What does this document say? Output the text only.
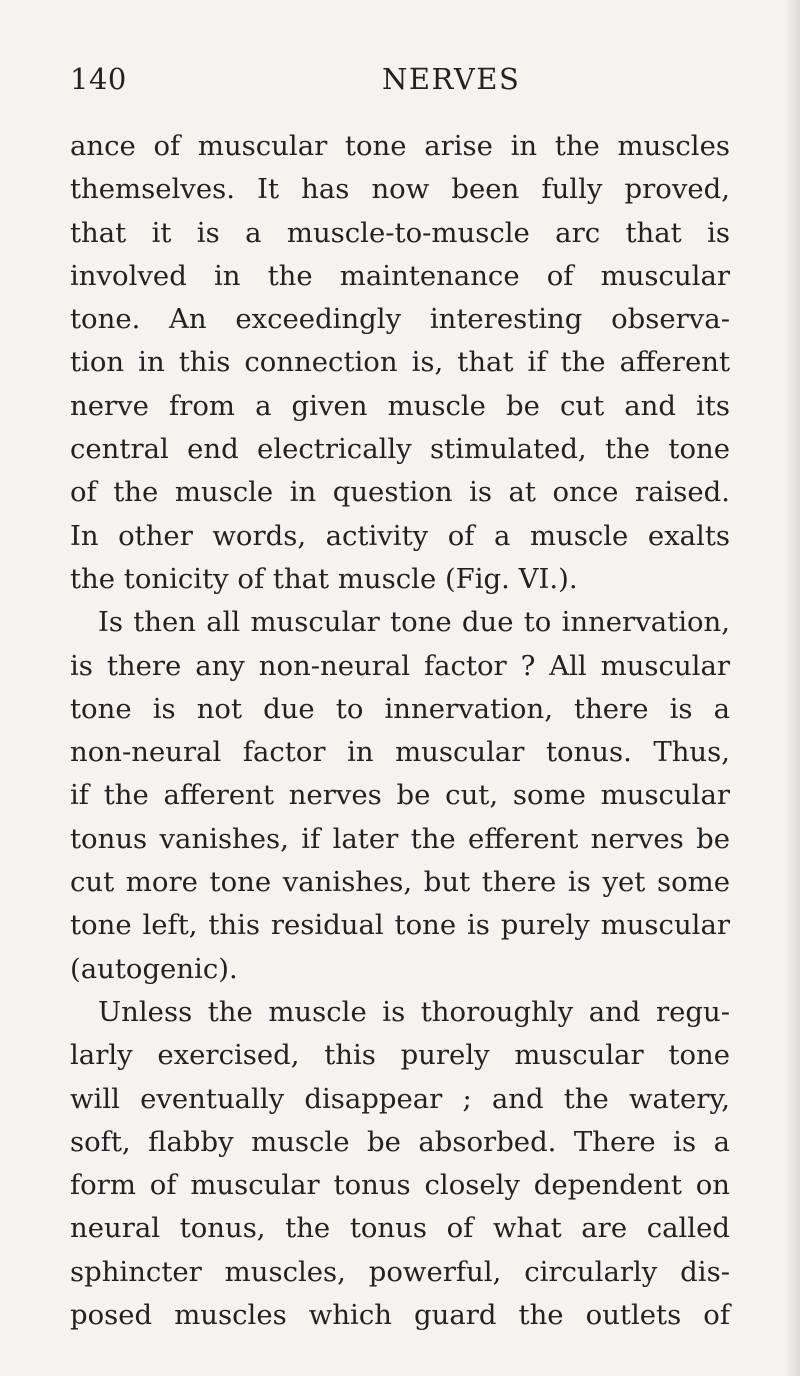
140	NERVES
ance of muscular tone arise in the muscles
themselves. It has now been fully proved,
that it is a muscle-to-muscle arc that is
involved in the maintenance of muscular
tone. An exceedingly interesting observa-
tion in this connection is, that if the afferent
nerve from a given muscle be cut and its
central end electrically stimulated, the tone
of the muscle in question is at once raised.
In other words, activity of a muscle exalts
the tonicity of that muscle (Fig. VI.).
Is then all muscular tone due to innervation,
is there any non-neural factor ? All muscular
tone is not due to innervation, there is a
non-neural factor in muscular tonus. Thus,
if the afferent nerves be cut, some muscular
tonus vanishes, if later the efferent nerves be
cut more tone vanishes, but there is yet some
tone left, this residual tone is purely muscular
(autogenic).
Unless the muscle is thoroughly and regu-
larly exercised, this purely muscular tone
will eventually disappear ; and the watery,
soft, flabby muscle be absorbed. There is a
form of muscular tonus closely dependent on
neural tonus, the tonus of what are called
sphincter muscles, powerful, circularly dis-
posed muscles which guard the outlets of
